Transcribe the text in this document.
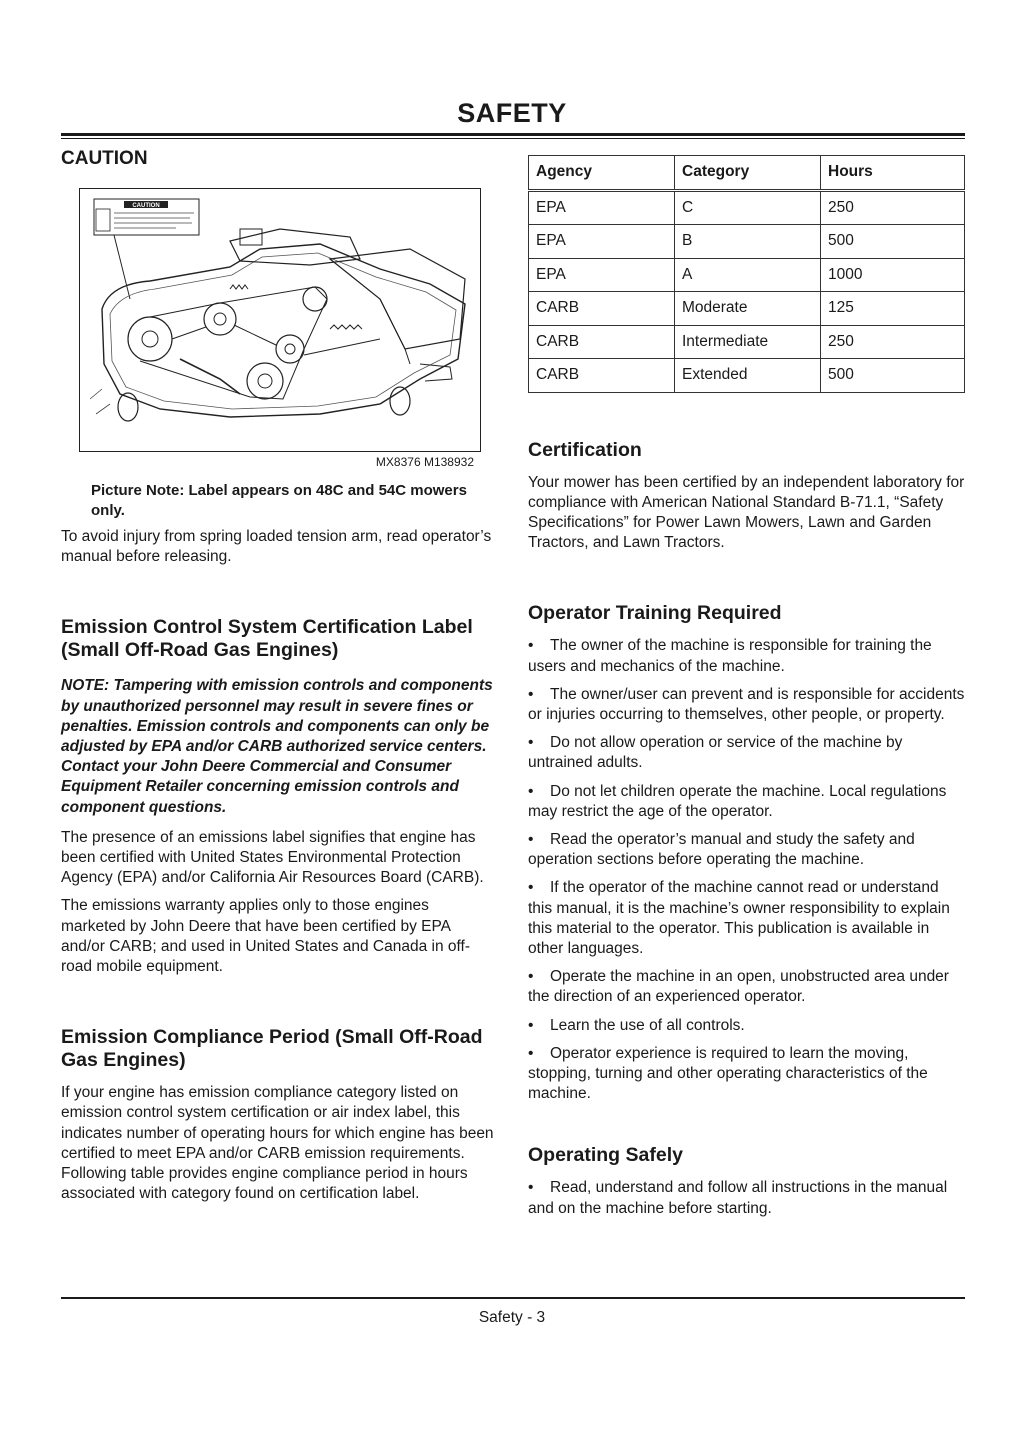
SAFETY
CAUTION
CAUTION
MX8376 M138932
Picture Note: Label appears on 48C and 54C mowers only.

To avoid injury from spring loaded tension arm, read operator’s manual before releasing.

Emission Control System Certification Label (Small Off-Road Gas Engines)

NOTE: Tampering with emission controls and components by unauthorized personnel may result in severe fines or penalties. Emission controls and components can only be adjusted by EPA and/or CARB authorized service centers. Contact your John Deere Commercial and Consumer Equipment Retailer concerning emission controls and component questions.

The presence of an emissions label signifies that engine has been certified with United States Environmental Protection Agency (EPA) and/or California Air Resources Board (CARB).

The emissions warranty applies only to those engines marketed by John Deere that have been certified by EPA and/or CARB; and used in United States and Canada in off-road mobile equipment.

Emission Compliance Period (Small Off-Road Gas Engines)

If your engine has emission compliance category listed on emission control system certification or air index label, this indicates number of operating hours for which engine has been certified to meet EPA and/or CARB emission requirements. Following table provides engine compliance period in hours associated with category found on certification label.

Agency	Category	Hours
EPA	C	250
EPA	B	500
EPA	A	1000
CARB	Moderate	125
CARB	Intermediate	250
CARB	Extended	500
Certification

Your mower has been certified by an independent laboratory for compliance with American National Standard B-71.1, “Safety Specifications” for Power Lawn Mowers, Lawn and Garden Tractors, and Lawn Tractors.

Operator Training Required
• The owner of the machine is responsible for training the users and mechanics of the machine.
• The owner/user can prevent and is responsible for accidents or injuries occurring to themselves, other people, or property.
• Do not allow operation or service of the machine by untrained adults.
• Do not let children operate the machine. Local regulations may restrict the age of the operator.
• Read the operator’s manual and study the safety and operation sections before operating the machine.
• If the operator of the machine cannot read or understand this manual, it is the machine’s owner responsibility to explain this material to the operator. This publication is available in other languages.
• Operate the machine in an open, unobstructed area under the direction of an experienced operator.
• Learn the use of all controls.
• Operator experience is required to learn the moving, stopping, turning and other operating characteristics of the machine.
Operating Safely
• Read, understand and follow all instructions in the manual and on the machine before starting.
Safety - 3
